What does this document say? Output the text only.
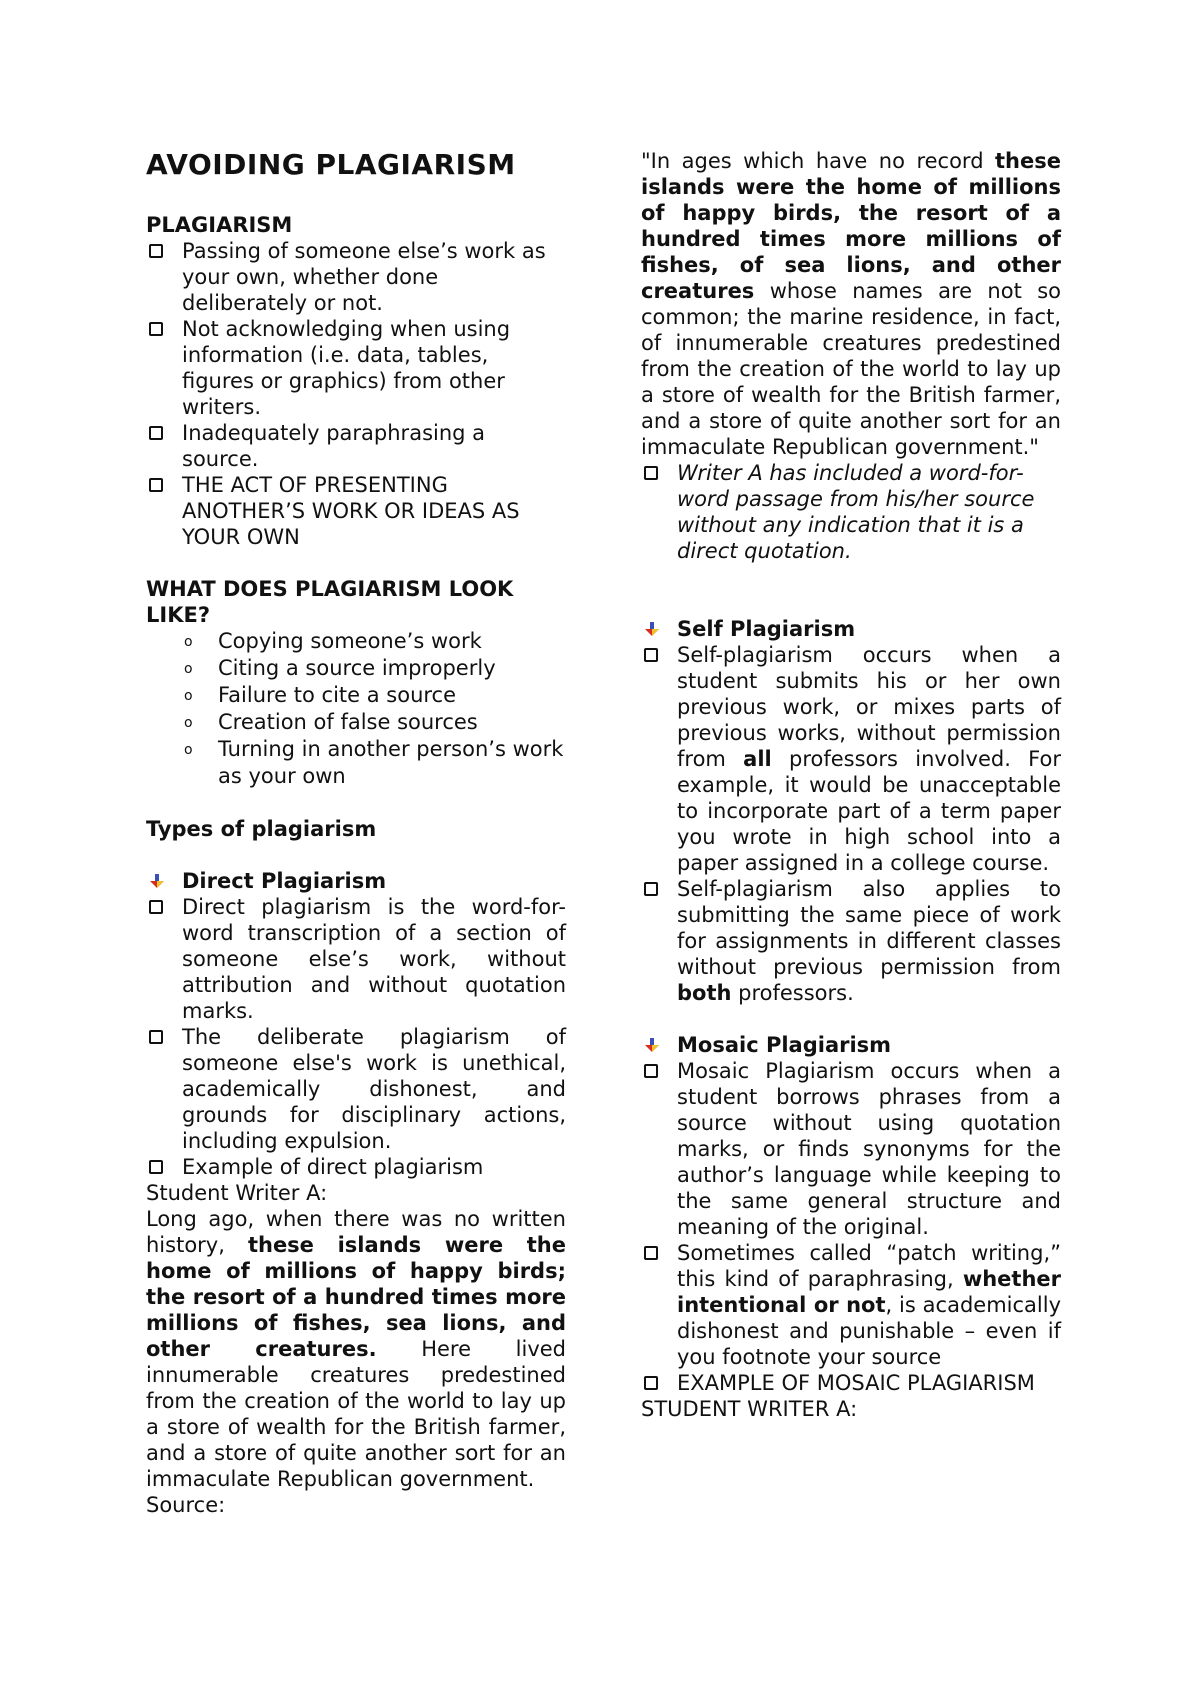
AVOIDING PLAGIARISM
PLAGIARISM
Passing of someone else’s work as your own, whether done deliberately or not.
Not acknowledging when using information (i.e. data, tables, figures or graphics) from other writers.
Inadequately paraphrasing a source.
THE ACT OF PRESENTING ANOTHER’S WORK OR IDEAS AS YOUR OWN
WHAT DOES PLAGIARISM LOOK LIKE?
o Copying someone’s work
o Citing a source improperly
o Failure to cite a source
o Creation of false sources
o Turning in another person’s work as your own
Types of plagiarism
Direct Plagiarism
Direct plagiarism is the word-for-word transcription of a section of someone else’s work, without attribution and without quotation marks.
The deliberate plagiarism of someone else's work is unethical, academically dishonest, and grounds for disciplinary actions, including expulsion.
Example of direct plagiarism

Student Writer A:

Long ago, when there was no written history, these islands were the home of millions of happy birds; the resort of a hundred times more millions of fishes, sea lions, and other creatures. Here lived innumerable creatures predestined from the creation of the world to lay up a store of wealth for the British farmer, and a store of quite another sort for an immaculate Republican government.

Source:

"In ages which have no record these islands were the home of millions of happy birds, the resort of a hundred times more millions of fishes, of sea lions, and other creatures whose names are not so common; the marine residence, in fact, of innumerable creatures predestined from the creation of the world to lay up a store of wealth for the British farmer, and a store of quite another sort for an immaculate Republican government."

Writer A has included a word-for-word passage from his/her source without any indication that it is a direct quotation.
Self Plagiarism
Self-plagiarism occurs when a student submits his or her own previous work, or mixes parts of previous works, without permission from all professors involved. For example, it would be unacceptable to incorporate part of a term paper you wrote in high school into a paper assigned in a college course.
Self-plagiarism also applies to submitting the same piece of work for assignments in different classes without previous permission from both professors.
Mosaic Plagiarism
Mosaic Plagiarism occurs when a student borrows phrases from a source without using quotation marks, or finds synonyms for the author’s language while keeping to the same general structure and meaning of the original.
Sometimes called “patch writing,” this kind of paraphrasing, whether intentional or not, is academically dishonest and punishable – even if you footnote your source
EXAMPLE OF MOSAIC PLAGIARISM

STUDENT WRITER A:
